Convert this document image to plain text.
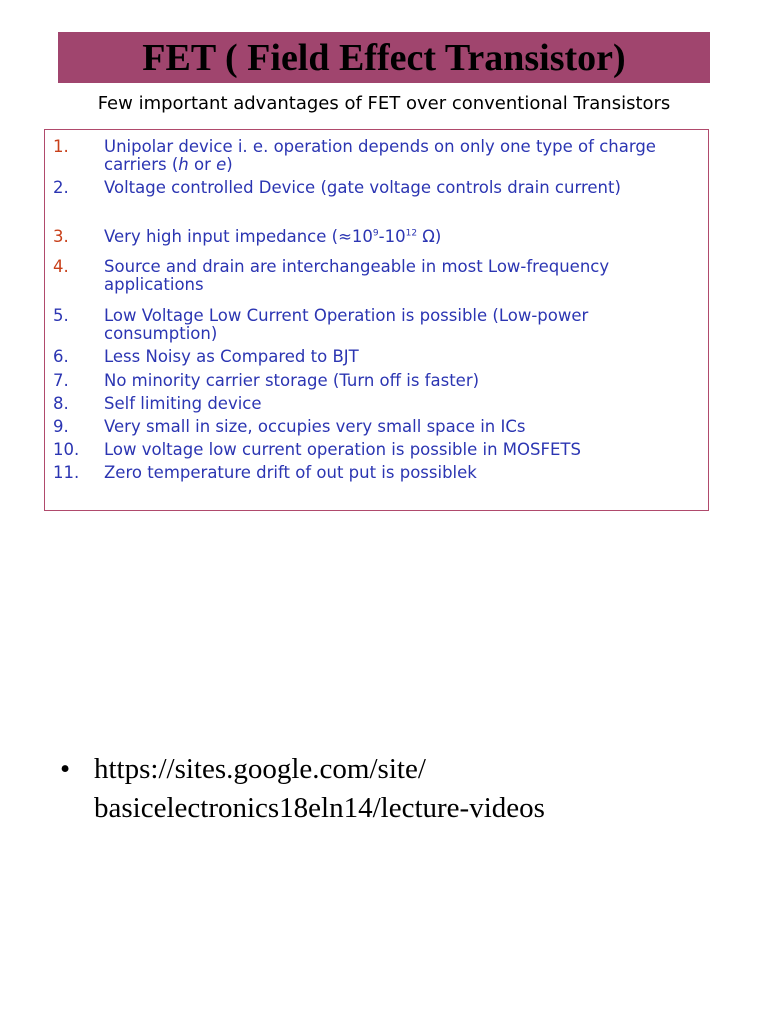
FET ( Field Effect Transistor)
Few important advantages of FET over conventional Transistors
1.	Unipolar device i. e. operation depends on only one type of charge carriers (h or e)
2.	Voltage controlled Device (gate voltage controls drain current)
3.	Very high input impedance ($\approx 10^9-10^{12}$ Ω)
4.	Source and drain are interchangeable in most Low-frequency applications
5.	Low Voltage Low Current Operation is possible (Low-power consumption)
6.	Less Noisy as Compared to BJT
7.	No minority carrier storage (Turn off is faster)
8.	Self limiting device
9.	Very small in size, occupies very small space in ICs
10.	Low voltage low current operation is possible in MOSFETS
11.	Zero temperature drift of out put is possiblek
• https://sites.google.com/site/
basicelectronics18eln14/lecture-videos
